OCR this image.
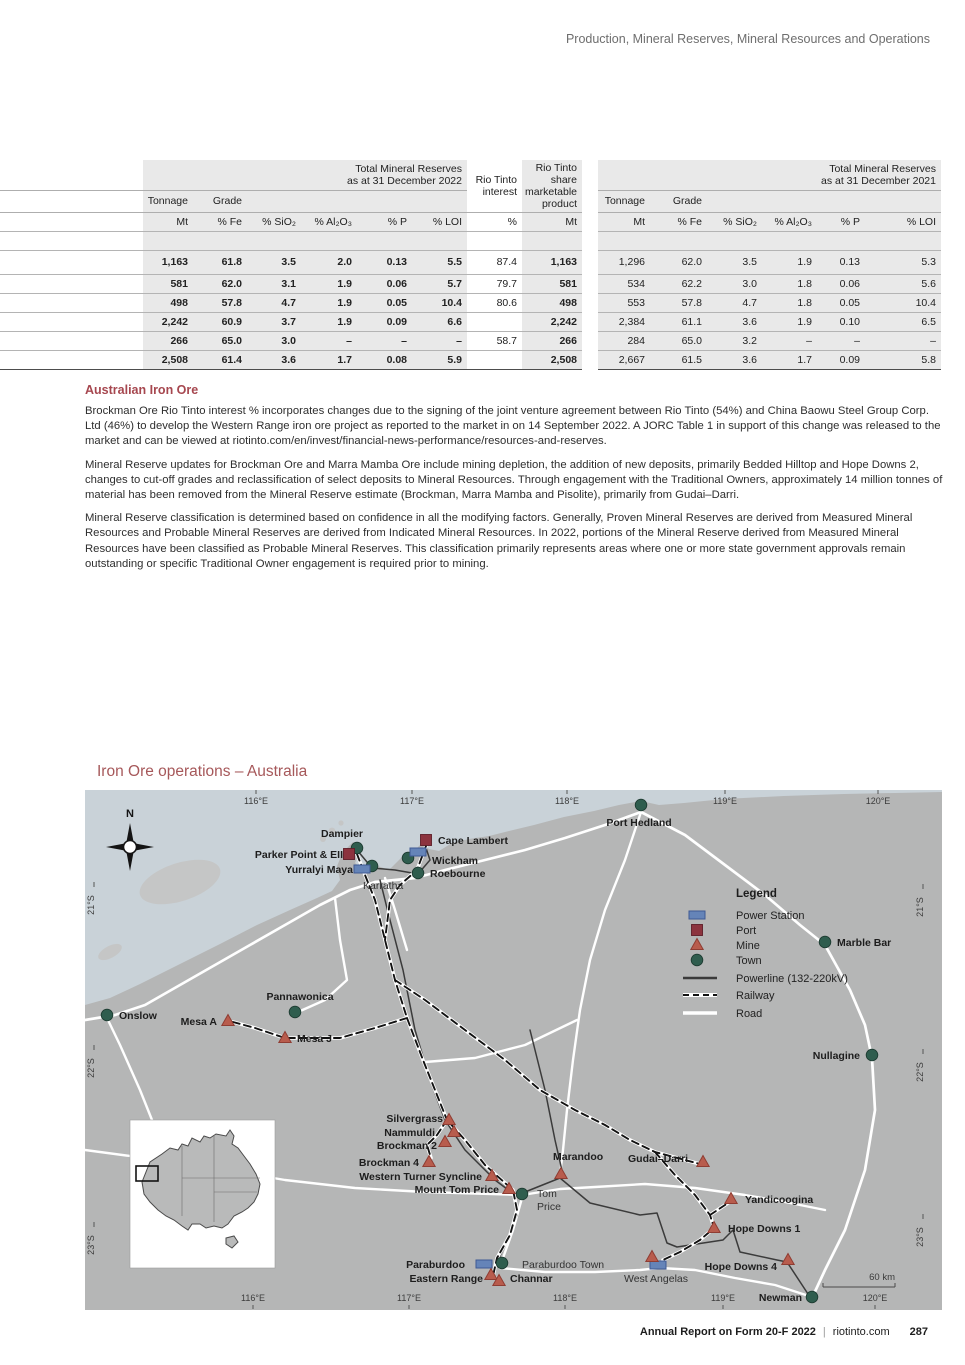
Production, Mineral Reserves, Mineral Resources and Operations

Total Mineral Reserves
as at 31 December 2022	Rio Tinto
interest

Rio Tinto
share
marketable
product

Total Mineral Reserves
as at 31 December 2021

	Tonnage	Grade								Tonnage	Grade				
	Mt	% Fe	% SiO₂	% Al₂O₃	% P	% LOI	%	Mt		Mt	% Fe	% SiO₂	% Al₂O₃	% P	% LOI

	1,163	61.8	3.5	2.0	0.13	5.5	87.4	1,163		1,296	62.0	3.5	1.9	0.13	5.3
	581	62.0	3.1	1.9	0.06	5.7	79.7	581		534	62.2	3.0	1.8	0.06	5.6
	498	57.8	4.7	1.9	0.05	10.4	80.6	498		553	57.8	4.7	1.8	0.05	10.4
	2,242	60.9	3.7	1.9	0.09	6.6		2,242		2,384	61.1	3.6	1.9	0.10	6.5
	266	65.0	3.0	–	–	–	58.7	266		284	65.0	3.2	–	–	–
	2,508	61.4	3.6	1.7	0.08	5.9		2,508		2,667	61.5	3.6	1.7	0.09	5.8
Australian Iron Ore

Brockman Ore Rio Tinto interest % incorporates changes due to the signing of the joint venture agreement between Rio Tinto (54%) and China Baowu Steel Group Corp. Ltd (46%) to develop the Western Range iron ore project as reported to the market in on 14 September 2022. A JORC Table 1 in support of this change was released to the market and can be viewed at riotinto.com/en/invest/financial-news-performance/resources-and-reserves.

Mineral Reserve updates for Brockman Ore and Marra Mamba Ore include mining depletion, the addition of new deposits, primarily Bedded Hilltop and Hope Downs 2, changes to cut-off grades and reclassification of select deposits to Mineral Resources. Through engagement with the Traditional Owners, approximately 14 million tonnes of material has been removed from the Mineral Reserve estimate (Brockman, Marra Mamba and Pisolite), primarily from Gudai–Darri.

Mineral Reserve classification is determined based on confidence in all the modifying factors. Generally, Proven Mineral Reserves are derived from Measured Mineral Resources and Probable Mineral Reserves are derived from Indicated Mineral Resources. In 2022, portions of the Mineral Reserve derived from Measured Mineral Resources have been classified as Probable Mineral Reserves. This classification primarily represents areas where one or more state government approvals remain outstanding or specific Traditional Owner engagement is required prior to mining.

Iron Ore operations – Australia
N
Dampier
Parker Point & EII
Yurralyi Maya
Cape Lambert
Wickham
Roebourne
Karratha
Port Hedland
Marble Bar
Onslow
Pannawonica
Nullagine
Mesa A
Mesa J
Silvergrass
Nammuldi
Brockman 2
Brockman 4
Western Turner Syncline
Mount Tom Price	Tom
Price
Marandoo Gudai–Darri
Yandicoogina
Hope Downs 1
Hope Downs 4
West Angelas
Paraburdoo
Eastern Range	Channar
Paraburdoo Town
Newman
Legend
Power Station
Port
Mine
Town
Powerline (132-220kV)
Railway
Road
116°E	117°E	118°E	119°E	120°E
116°E	117°E	118°E	119°E	120°E
21°S
22°S
23°S
21°S
22°S
23°S
60 km
Annual Report on Form 20-F 2022 | riotinto.com 287
